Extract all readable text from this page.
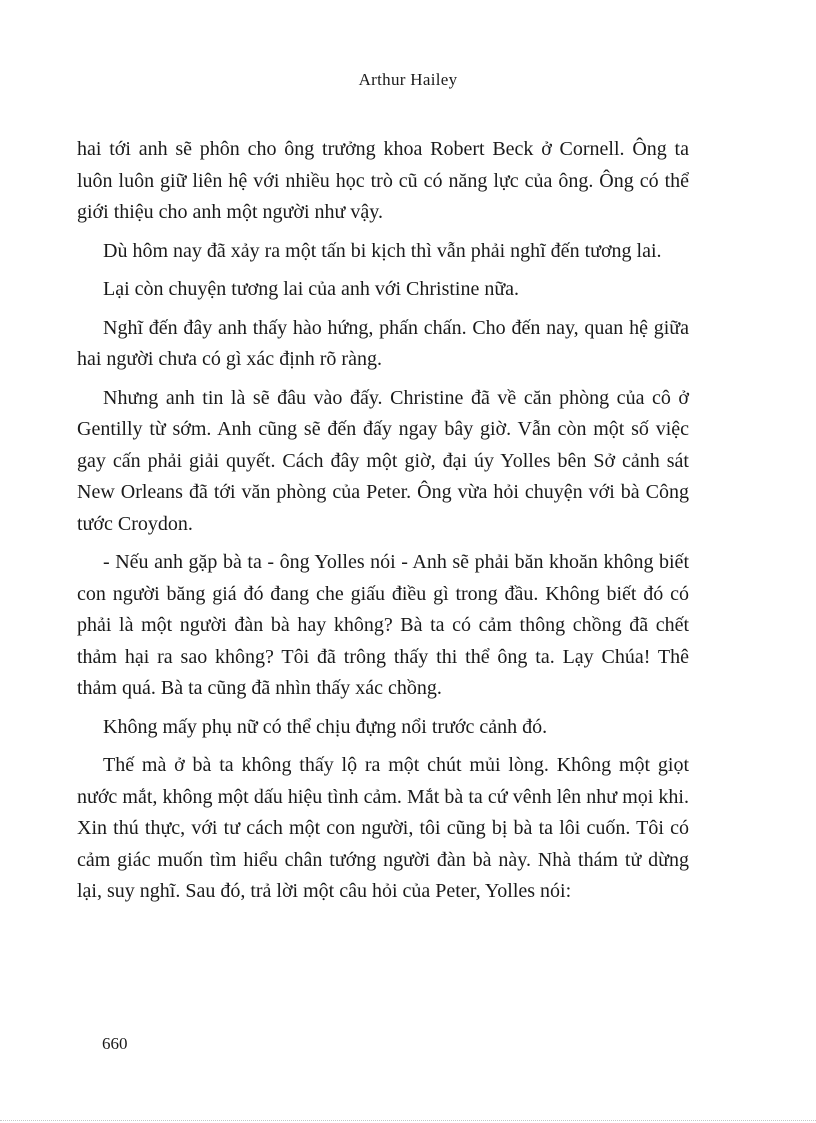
Arthur Hailey

hai tới anh sẽ phôn cho ông trưởng khoa Robert Beck ở Cornell. Ông ta luôn luôn giữ liên hệ với nhiều học trò cũ có năng lực của ông. Ông có thể giới thiệu cho anh một người như vậy.

Dù hôm nay đã xảy ra một tấn bi kịch thì vẫn phải nghĩ đến tương lai.

Lại còn chuyện tương lai của anh với Christine nữa.

Nghĩ đến đây anh thấy hào hứng, phấn chấn. Cho đến nay, quan hệ giữa hai người chưa có gì xác định rõ ràng.

Nhưng anh tin là sẽ đâu vào đấy. Christine đã về căn phòng của cô ở Gentilly từ sớm. Anh cũng sẽ đến đấy ngay bây giờ. Vẫn còn một số việc gay cấn phải giải quyết. Cách đây một giờ, đại úy Yolles bên Sở cảnh sát New Orleans đã tới văn phòng của Peter. Ông vừa hỏi chuyện với bà Công tước Croydon.

- Nếu anh gặp bà ta - ông Yolles nói - Anh sẽ phải băn khoăn không biết con người băng giá đó đang che giấu điều gì trong đầu. Không biết đó có phải là một người đàn bà hay không? Bà ta có cảm thông chồng đã chết thảm hại ra sao không? Tôi đã trông thấy thi thể ông ta. Lạy Chúa! Thê thảm quá. Bà ta cũng đã nhìn thấy xác chồng.

Không mấy phụ nữ có thể chịu đựng nổi trước cảnh đó.

Thế mà ở bà ta không thấy lộ ra một chút mủi lòng. Không một giọt nước mắt, không một dấu hiệu tình cảm. Mắt bà ta cứ vênh lên như mọi khi. Xin thú thực, với tư cách một con người, tôi cũng bị bà ta lôi cuốn. Tôi có cảm giác muốn tìm hiểu chân tướng người đàn bà này. Nhà thám tử dừng lại, suy nghĩ. Sau đó, trả lời một câu hỏi của Peter, Yolles nói:

660
